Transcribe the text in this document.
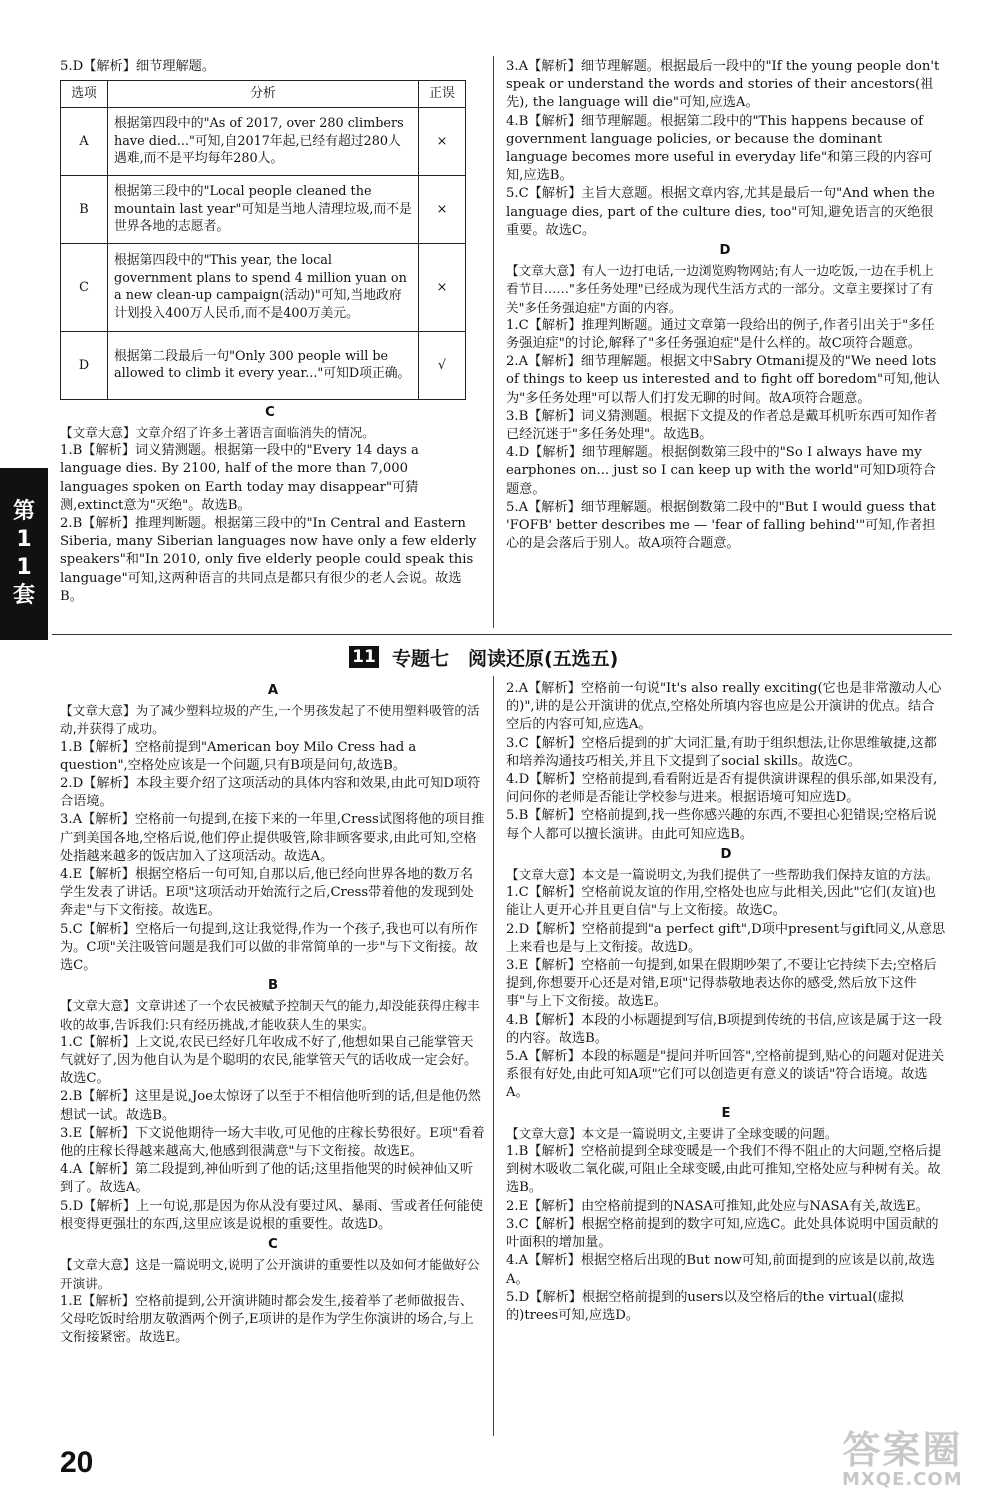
第11套

5.D【解析】细节理解题。

选项	分析	正误
A	根据第四段中的"As of 2017, over 280 climbers have died..."可知,自2017年起,已经有超过280人遇难,而不是平均每年280人。	×
B	根据第三段中的"Local people cleaned the mountain last year"可知是当地人清理垃圾,而不是世界各地的志愿者。	×
C	根据第四段中的"This year, the local government plans to spend 4 million yuan on a new clean-up campaign(活动)"可知,当地政府计划投入400万人民币,而不是400万美元。	×
D	根据第二段最后一句"Only 300 people will be allowed to climb it every year..."可知D项正确。	√

C

【文章大意】文章介绍了许多土著语言面临消失的情况。

1.B【解析】词义猜测题。根据第一段中的"Every 14 days a language dies. By 2100, half of the more than 7,000 languages spoken on Earth today may disappear"可猜测,extinct意为"灭绝"。故选B。

2.B【解析】推理判断题。根据第三段中的"In Central and Eastern Siberia, many Siberian languages now have only a few elderly speakers"和"In 2010, only five elderly people could speak this language"可知,这两种语言的共同点是都只有很少的老人会说。故选B。

3.A【解析】细节理解题。根据最后一段中的"If the young people don't speak or understand the words and stories of their ancestors(祖先), the language will die"可知,应选A。

4.B【解析】细节理解题。根据第二段中的"This happens because of government language policies, or because the dominant language becomes more useful in everyday life"和第三段的内容可知,应选B。

5.C【解析】主旨大意题。根据文章内容,尤其是最后一句"And when the language dies, part of the culture dies, too"可知,避免语言的灭绝很重要。故选C。

D

【文章大意】有人一边打电话,一边浏览购物网站;有人一边吃饭,一边在手机上看节目……"多任务处理"已经成为现代生活方式的一部分。文章主要探讨了有关"多任务强迫症"方面的内容。

1.C【解析】推理判断题。通过文章第一段给出的例子,作者引出关于"多任务强迫症"的讨论,解释了"多任务强迫症"是什么样的。故C项符合题意。

2.A【解析】细节理解题。根据文中Sabry Otmani提及的"We need lots of things to keep us interested and to fight off boredom"可知,他认为"多任务处理"可以帮人们打发无聊的时间。故A项符合题意。

3.B【解析】词义猜测题。根据下文提及的作者总是戴耳机听东西可知作者已经沉迷于"多任务处理"。故选B。

4.D【解析】细节理解题。根据倒数第三段中的"So I always have my earphones on... just so I can keep up with the world"可知D项符合题意。

5.A【解析】细节理解题。根据倒数第二段中的"But I would guess that 'FOFB' better describes me — 'fear of falling behind'"可知,作者担心的是会落后于别人。故A项符合题意。

11 专题七　阅读还原(五选五)

A

【文章大意】为了减少塑料垃圾的产生,一个男孩发起了不使用塑料吸管的活动,并获得了成功。

1.B【解析】空格前提到"American boy Milo Cress had a question",空格处应该是一个问题,只有B项是问句,故选B。

2.D【解析】本段主要介绍了这项活动的具体内容和效果,由此可知D项符合语境。

3.A【解析】空格前一句提到,在接下来的一年里,Cress试图将他的项目推广到美国各地,空格后说,他们停止提供吸管,除非顾客要求,由此可知,空格处指越来越多的饭店加入了这项活动。故选A。

4.E【解析】根据空格后一句可知,自那以后,他已经向世界各地的数万名学生发表了讲话。E项"这项活动开始流行之后,Cress带着他的发现到处奔走"与下文衔接。故选E。

5.C【解析】空格后一句提到,这让我觉得,作为一个孩子,我也可以有所作为。C项"关注吸管问题是我们可以做的非常简单的一步"与下文衔接。故选C。

B

【文章大意】文章讲述了一个农民被赋予控制天气的能力,却没能获得庄稼丰收的故事,告诉我们:只有经历挑战,才能收获人生的果实。

1.C【解析】上文说,农民已经好几年收成不好了,他想如果自己能掌管天气就好了,因为他自认为是个聪明的农民,能掌管天气的话收成一定会好。故选C。

2.B【解析】这里是说,Joe太惊讶了以至于不相信他听到的话,但是他仍然想试一试。故选B。

3.E【解析】下文说他期待一场大丰收,可见他的庄稼长势很好。E项"看着他的庄稼长得越来越高大,他感到很满意"与下文衔接。故选E。

4.A【解析】第二段提到,神仙听到了他的话;这里指他哭的时候神仙又听到了。故选A。

5.D【解析】上一句说,那是因为你从没有要过风、暴雨、雪或者任何能使根变得更强壮的东西,这里应该是说根的重要性。故选D。

C

【文章大意】这是一篇说明文,说明了公开演讲的重要性以及如何才能做好公开演讲。

1.E【解析】空格前提到,公开演讲随时都会发生,接着举了老师做报告、父母吃饭时给朋友敬酒两个例子,E项讲的是作为学生你演讲的场合,与上文衔接紧密。故选E。

2.A【解析】空格前一句说"It's also really exciting(它也是非常激动人心的)",讲的是公开演讲的优点,空格处所填内容也应是公开演讲的优点。结合空后的内容可知,应选A。

3.C【解析】空格后提到的扩大词汇量,有助于组织想法,让你思维敏捷,这都和培养沟通技巧相关,并且下文提到了social skills。故选C。

4.D【解析】空格前提到,看看附近是否有提供演讲课程的俱乐部,如果没有,问问你的老师是否能让学校参与进来。根据语境可知应选D。

5.B【解析】空格前提到,找一些你感兴趣的东西,不要担心犯错误;空格后说每个人都可以擅长演讲。由此可知应选B。

D

【文章大意】本文是一篇说明文,为我们提供了一些帮助我们保持友谊的方法。

1.C【解析】空格前说友谊的作用,空格处也应与此相关,因此"它们(友谊)也能让人更开心并且更自信"与上文衔接。故选C。

2.D【解析】空格前提到"a perfect gift",D项中present与gift同义,从意思上来看也是与上文衔接。故选D。

3.E【解析】空格前一句提到,如果在假期吵架了,不要让它持续下去;空格后提到,你想要开心还是对错,E项"记得恭敬地表达你的感受,然后放下这件事"与上下文衔接。故选E。

4.B【解析】本段的小标题提到写信,B项提到传统的书信,应该是属于这一段的内容。故选B。

5.A【解析】本段的标题是"提问并听回答",空格前提到,贴心的问题对促进关系很有好处,由此可知A项"它们可以创造更有意义的谈话"符合语境。故选A。

E

【文章大意】本文是一篇说明文,主要讲了全球变暖的问题。

1.B【解析】空格前提到全球变暖是一个我们不得不阻止的大问题,空格后提到树木吸收二氧化碳,可阻止全球变暖,由此可推知,空格处应与种树有关。故选B。

2.E【解析】由空格前提到的NASA可推知,此处应与NASA有关,故选E。

3.C【解析】根据空格前提到的数字可知,应选C。此处具体说明中国贡献的叶面积的增加量。

4.A【解析】根据空格后出现的But now可知,前面提到的应该是以前,故选A。

5.D【解析】根据空格前提到的users以及空格后的the virtual(虚拟的)trees可知,应选D。

20	答案圈
MXQE.COM
